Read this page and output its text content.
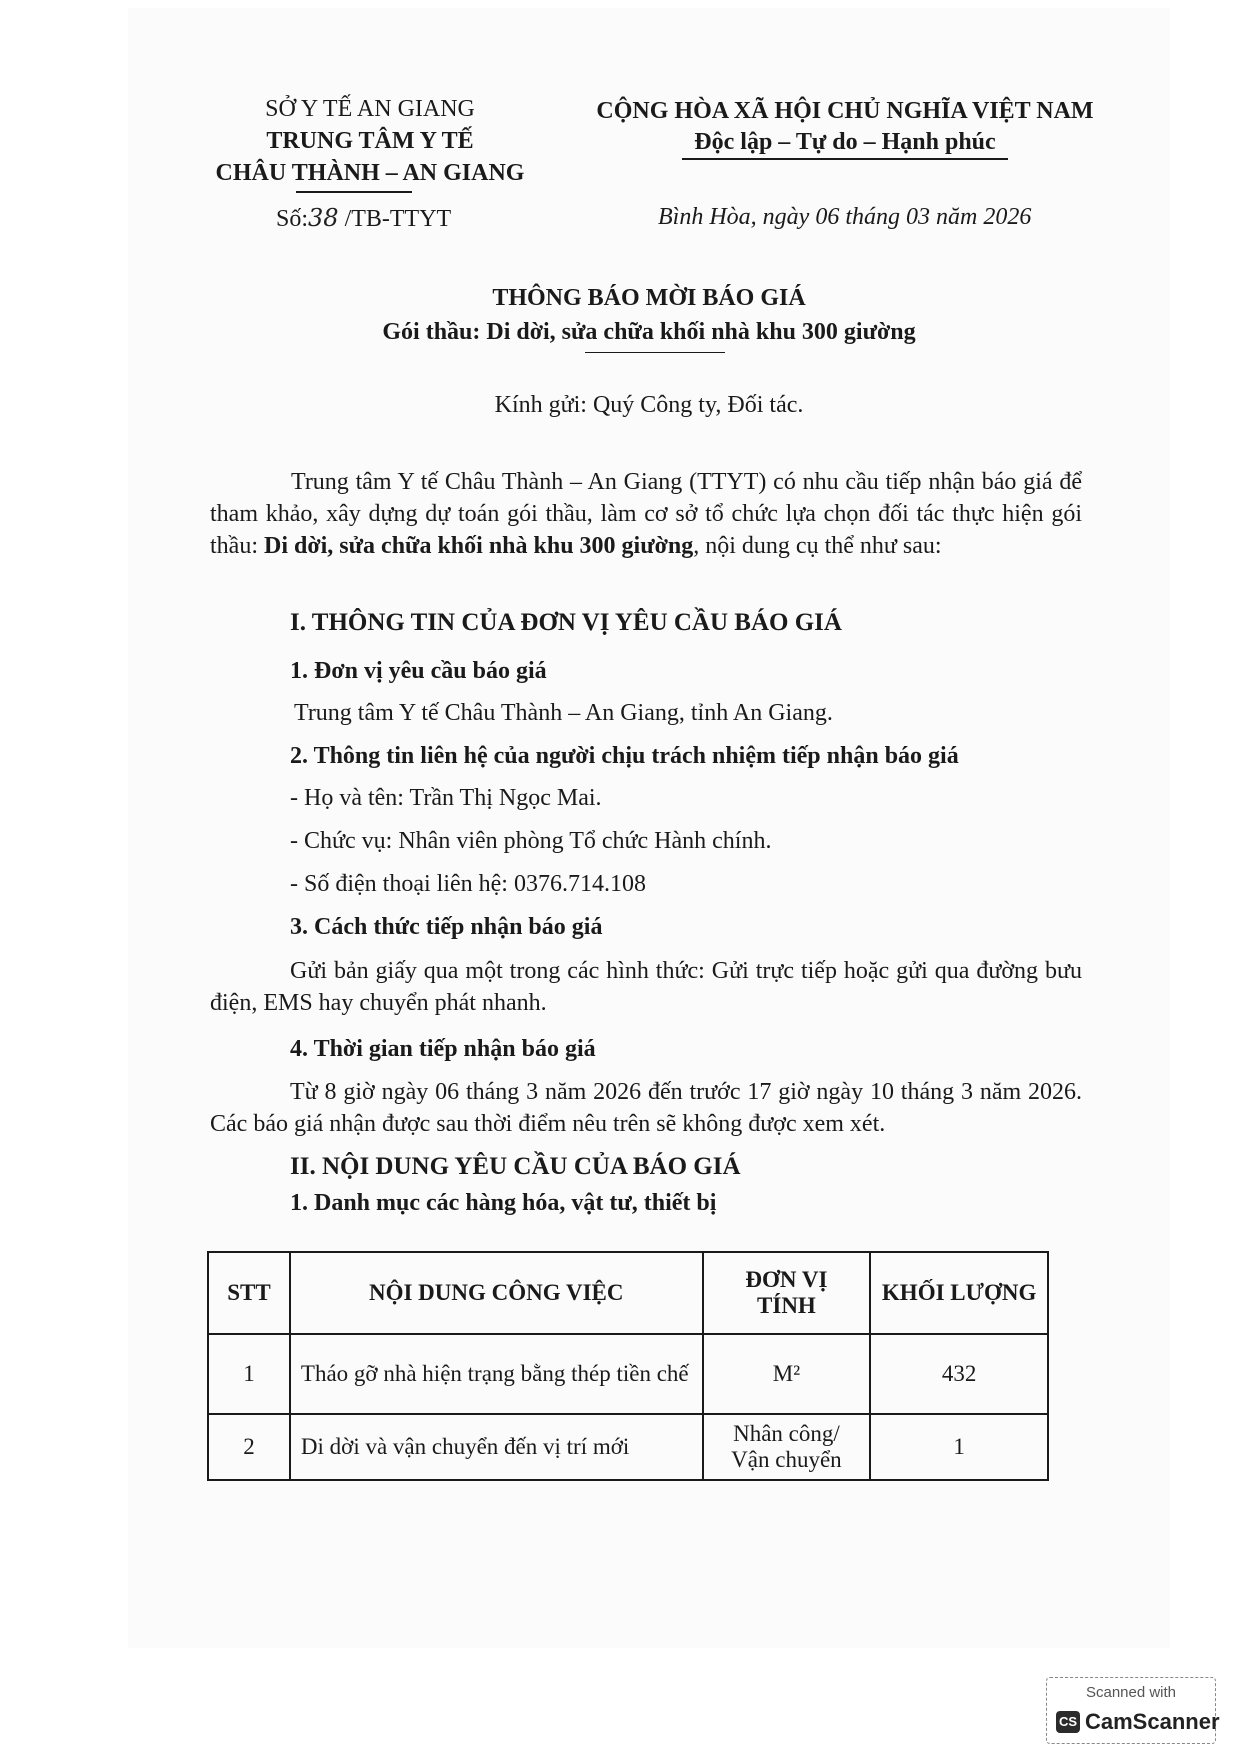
SỞ Y TẾ AN GIANG
TRUNG TÂM Y TẾ
CHÂU THÀNH – AN GIANG
Số:38 /TB-TTYT
CỘNG HÒA XÃ HỘI CHỦ NGHĨA VIỆT NAM
Độc lập – Tự do – Hạnh phúc
Bình Hòa, ngày 06 tháng 03 năm 2026
THÔNG BÁO MỜI BÁO GIÁ
Gói thầu: Di dời, sửa chữa khối nhà khu 300 giường
Kính gửi: Quý Công ty, Đối tác.
Trung tâm Y tế Châu Thành – An Giang (TTYT) có nhu cầu tiếp nhận báo giá để tham khảo, xây dựng dự toán gói thầu, làm cơ sở tổ chức lựa chọn đối tác thực hiện gói thầu: Di dời, sửa chữa khối nhà khu 300 giường, nội dung cụ thể như sau:
I. THÔNG TIN CỦA ĐƠN VỊ YÊU CẦU BÁO GIÁ
1. Đơn vị yêu cầu báo giá
Trung tâm Y tế Châu Thành – An Giang, tỉnh An Giang.
2. Thông tin liên hệ của người chịu trách nhiệm tiếp nhận báo giá
- Họ và tên: Trần Thị Ngọc Mai.
- Chức vụ: Nhân viên phòng Tổ chức Hành chính.
- Số điện thoại liên hệ: 0376.714.108
3. Cách thức tiếp nhận báo giá
Gửi bản giấy qua một trong các hình thức: Gửi trực tiếp hoặc gửi qua đường bưu điện, EMS hay chuyển phát nhanh.
4. Thời gian tiếp nhận báo giá
Từ 8 giờ ngày 06 tháng 3 năm 2026 đến trước 17 giờ ngày 10 tháng 3 năm 2026. Các báo giá nhận được sau thời điểm nêu trên sẽ không được xem xét.
II. NỘI DUNG YÊU CẦU CỦA BÁO GIÁ
1. Danh mục các hàng hóa, vật tư, thiết bị
STT	NỘI DUNG CÔNG VIỆC	ĐƠN VỊ TÍNH	KHỐI LƯỢNG
1	Tháo gỡ nhà hiện trạng bằng thép tiền chế	M²	432
2	Di dời và vận chuyển đến vị trí mới	Nhân công/ Vận chuyển	1
Scanned with
CS CamScanner
